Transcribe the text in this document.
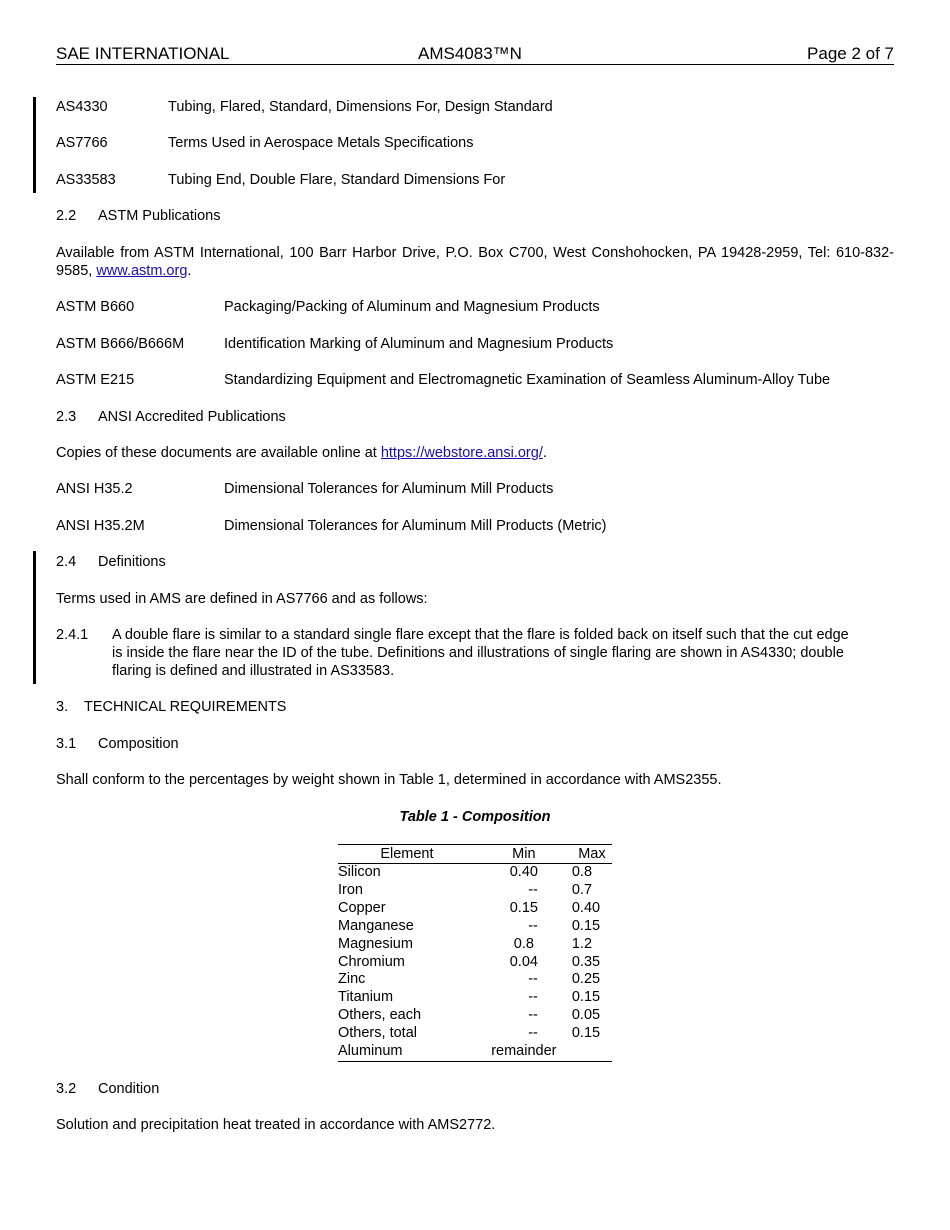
SAE INTERNATIONAL	AMS4083™N	Page 2 of 7
AS4330	Tubing, Flared, Standard, Dimensions For, Design Standard
AS7766	Terms Used in Aerospace Metals Specifications
AS33583	Tubing End, Double Flare, Standard Dimensions For
2.2 ASTM Publications
Available from ASTM International, 100 Barr Harbor Drive, P.O. Box C700, West Conshohocken, PA 19428-2959, Tel: 610-832-9585, www.astm.org.
ASTM B660	Packaging/Packing of Aluminum and Magnesium Products
ASTM B666/B666M	Identification Marking of Aluminum and Magnesium Products
ASTM E215	Standardizing Equipment and Electromagnetic Examination of Seamless Aluminum-Alloy Tube
2.3 ANSI Accredited Publications
Copies of these documents are available online at https://webstore.ansi.org/.
ANSI H35.2	Dimensional Tolerances for Aluminum Mill Products
ANSI H35.2M	Dimensional Tolerances for Aluminum Mill Products (Metric)
2.4 Definitions
Terms used in AMS are defined in AS7766 and as follows:
2.4.1 A double flare is similar to a standard single flare except that the flare is folded back on itself such that the cut edge
is inside the flare near the ID of the tube. Definitions and illustrations of single flaring are shown in AS4330; double
flaring is defined and illustrated in AS33583.
3. TECHNICAL REQUIREMENTS
3.1 Composition
Shall conform to the percentages by weight shown in Table 1, determined in accordance with AMS2355.
Table 1 - Composition
Element	Min	Max
Silicon	0.40	0.8
Iron	--	0.7
Copper	0.15	0.40
Manganese	--	0.15
Magnesium	0.8	1.2
Chromium	0.04	0.35
Zinc	--	0.25
Titanium	--	0.15
Others, each	--	0.05
Others, total	--	0.15
Aluminum	remainder	
3.2 Condition
Solution and precipitation heat treated in accordance with AMS2772.
